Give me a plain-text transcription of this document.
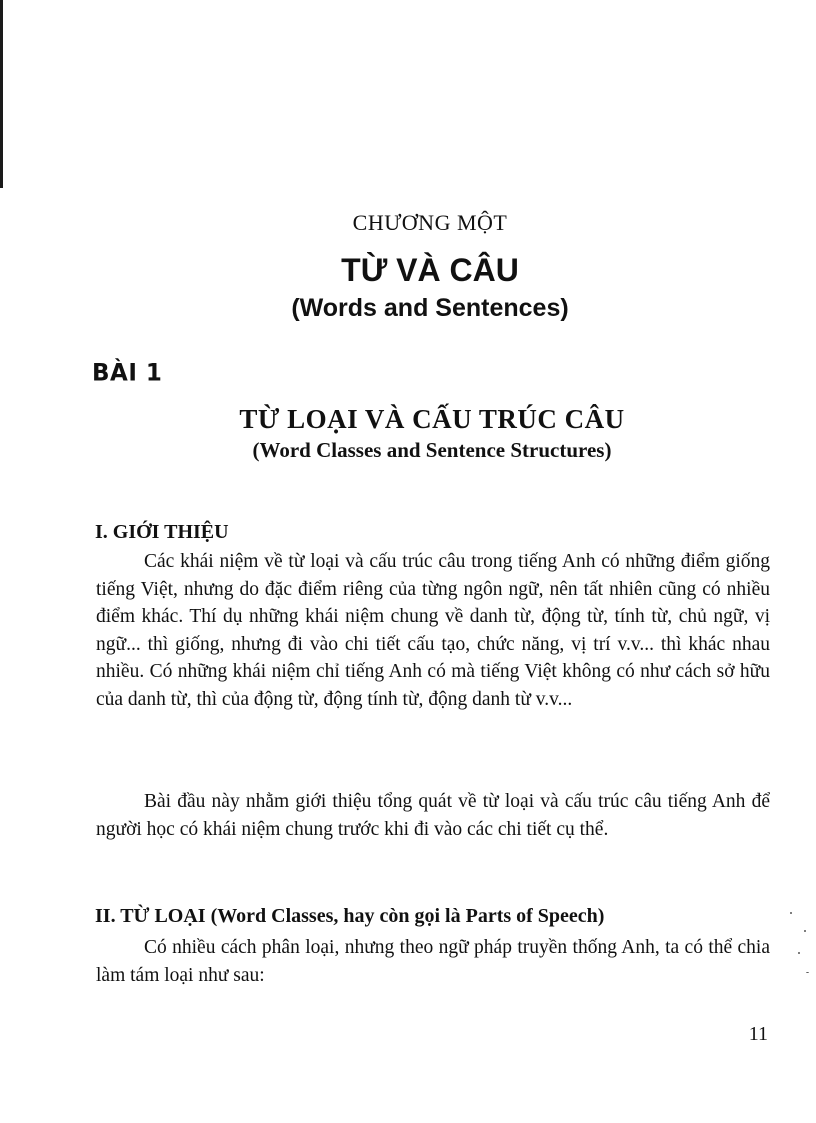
CHƯƠNG MỘT
TỪ VÀ CÂU
(Words and Sentences)
BÀI 1
TỪ LOẠI VÀ CẤU TRÚC CÂU
(Word Classes and Sentence Structures)
I. GIỚI THIỆU

Các khái niệm về từ loại và cấu trúc câu trong tiếng Anh có những điểm giống tiếng Việt, nhưng do đặc điểm riêng của từng ngôn ngữ, nên tất nhiên cũng có nhiều điểm khác. Thí dụ những khái niệm chung về danh từ, động từ, tính từ, chủ ngữ, vị ngữ... thì giống, nhưng đi vào chi tiết cấu tạo, chức năng, vị trí v.v... thì khác nhau nhiều. Có những khái niệm chỉ tiếng Anh có mà tiếng Việt không có như cách sở hữu của danh từ, thì của động từ, động tính từ, động danh từ v.v...

Bài đầu này nhằm giới thiệu tổng quát về từ loại và cấu trúc câu tiếng Anh để người học có khái niệm chung trước khi đi vào các chi tiết cụ thể.

II. TỪ LOẠI (Word Classes, hay còn gọi là Parts of Speech)

Có nhiều cách phân loại, nhưng theo ngữ pháp truyền thống Anh, ta có thể chia làm tám loại như sau:

11
